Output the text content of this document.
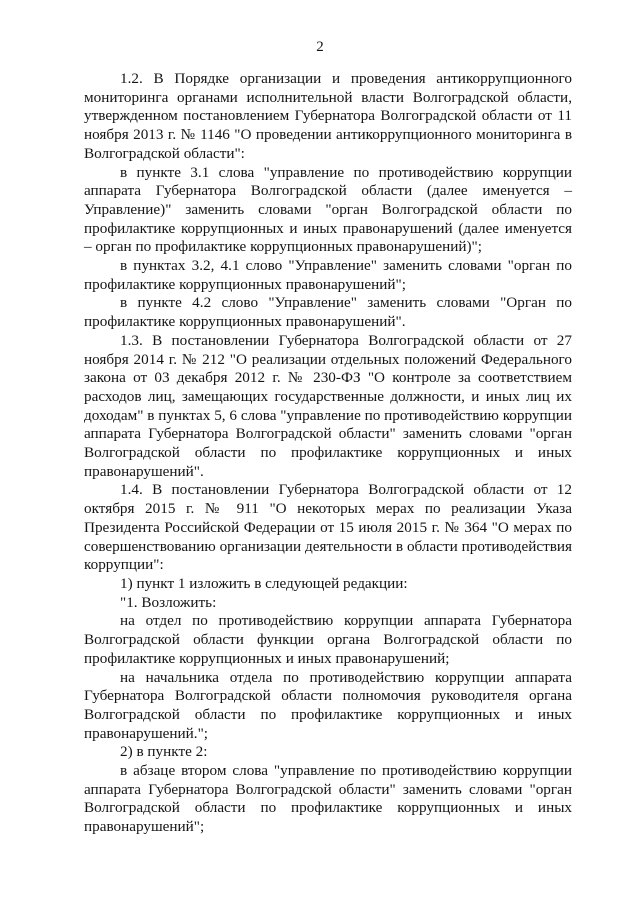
2

1.2. В Порядке организации и проведения антикоррупционного мониторинга органами исполнительной власти Волгоградской области, утвержденном постановлением Губернатора Волгоградской области от 11 ноября 2013 г. № 1146 "О проведении антикоррупционного мониторинга в Волгоградской области":

в пункте 3.1 слова "управление по противодействию коррупции аппарата Губернатора Волгоградской области (далее именуется – Управление)" заменить словами "орган Волгоградской области по профилактике коррупционных и иных правонарушений (далее именуется – орган по профилактике коррупционных правонарушений)";

в пунктах 3.2, 4.1 слово "Управление" заменить словами "орган по профилактике коррупционных правонарушений";

в пункте 4.2 слово "Управление" заменить словами "Орган по профилактике коррупционных правонарушений".

1.3. В постановлении Губернатора Волгоградской области от 27 ноября 2014 г. № 212 "О реализации отдельных положений Федерального закона от 03 декабря 2012 г. № 230-ФЗ "О контроле за соответствием расходов лиц, замещающих государственные должности, и иных лиц их доходам" в пунктах 5, 6 слова "управление по противодействию коррупции аппарата Губернатора Волгоградской области" заменить словами "орган Волгоградской области по профилактике коррупционных и иных правонарушений".

1.4. В постановлении Губернатора Волгоградской области от 12 октября 2015 г. № 911 "О некоторых мерах по реализации Указа Президента Российской Федерации от 15 июля 2015 г. № 364 "О мерах по совершенствованию организации деятельности в области противодействия коррупции":

1) пункт 1 изложить в следующей редакции:

"1. Возложить:

на отдел по противодействию коррупции аппарата Губернатора Волгоградской области функции органа Волгоградской области по профилактике коррупционных и иных правонарушений;

на начальника отдела по противодействию коррупции аппарата Губернатора Волгоградской области полномочия руководителя органа Волгоградской области по профилактике коррупционных и иных правонарушений.";

2) в пункте 2:

в абзаце втором слова "управление по противодействию коррупции аппарата Губернатора Волгоградской области" заменить словами "орган Волгоградской области по профилактике коррупционных и иных правонарушений";
